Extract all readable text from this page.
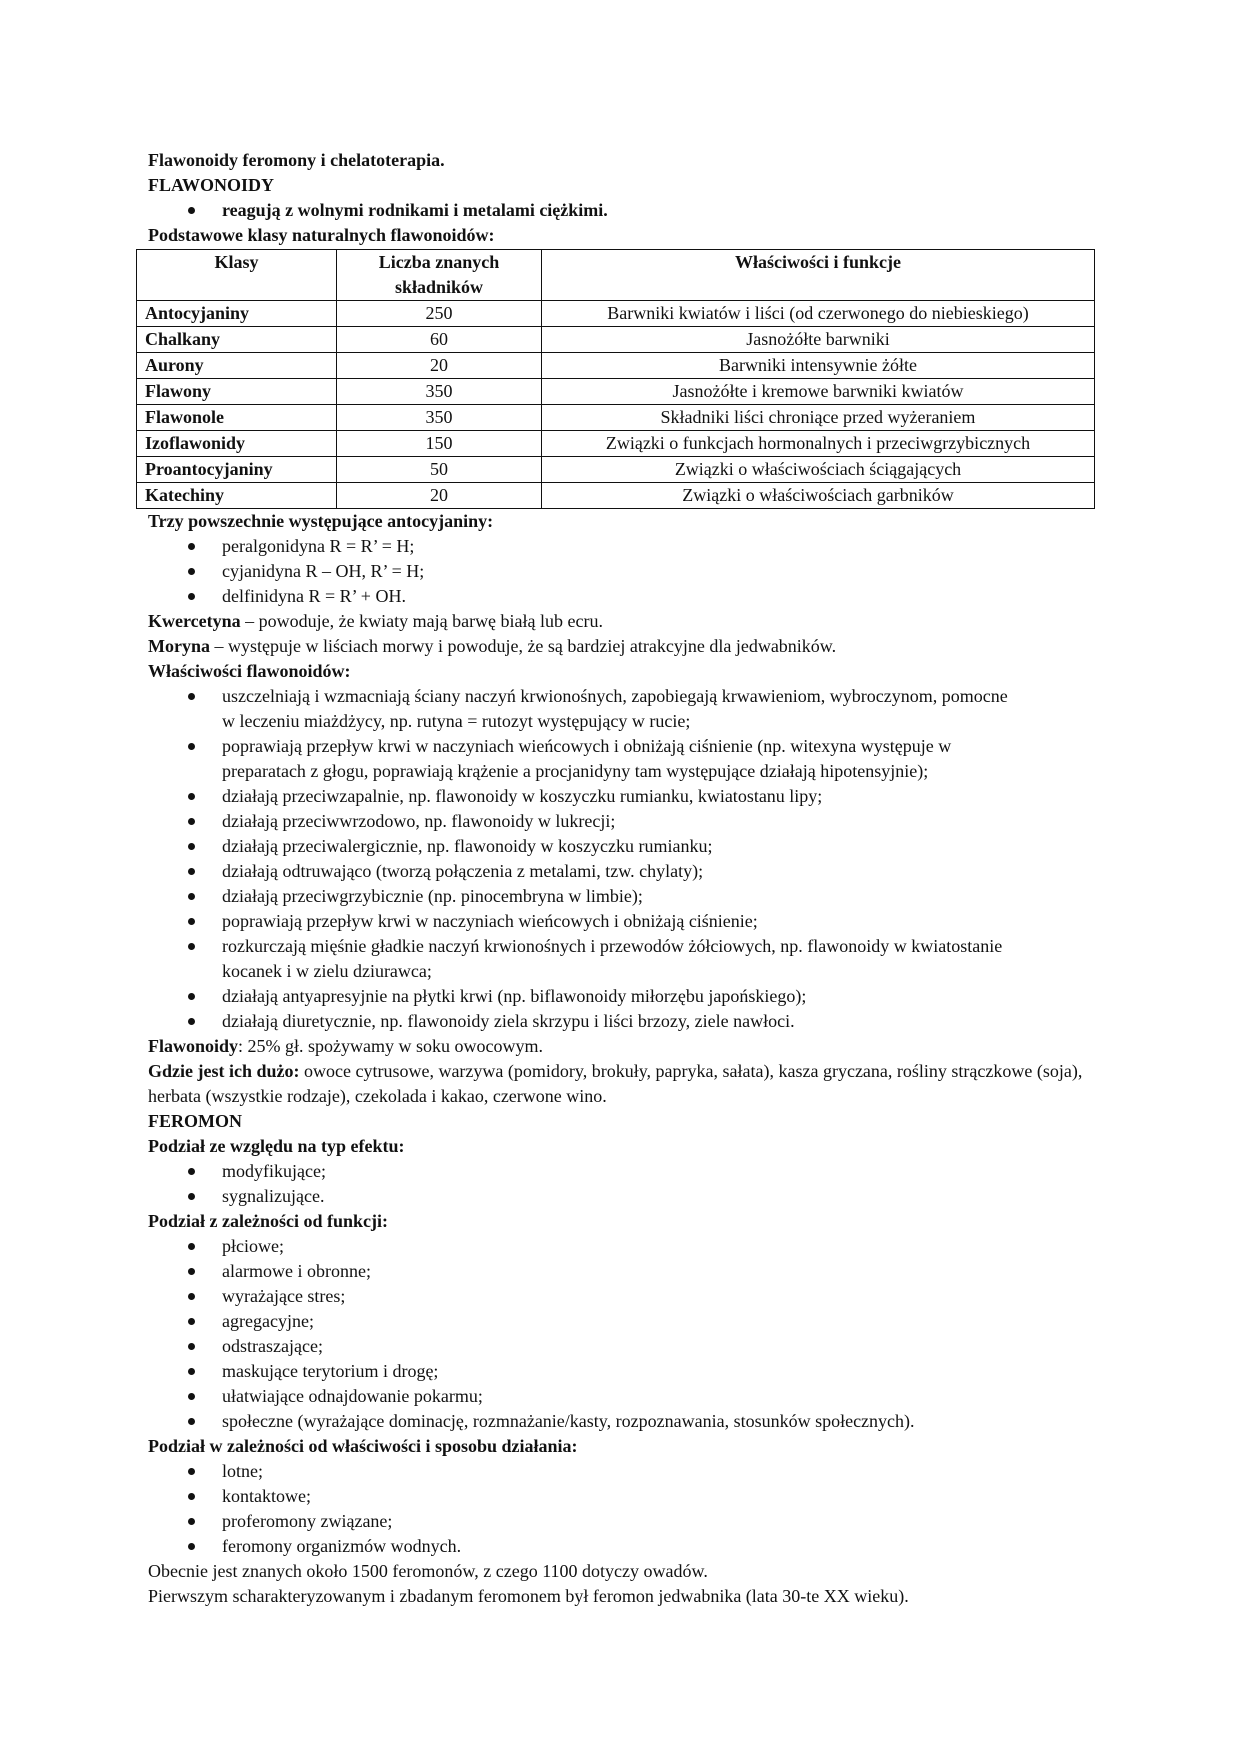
Flawonoidy feromony i chelatoterapia.
FLAWONOIDY
reagują z wolnymi rodnikami i metalami ciężkimi.
Podstawowe klasy naturalnych flawonoidów:
Klasy	Liczba znanych składników	Właściwości i funkcje
Antocyjaniny	250	Barwniki kwiatów i liści (od czerwonego do niebieskiego)
Chalkany	60	Jasnożółte barwniki
Aurony	20	Barwniki intensywnie żółte
Flawony	350	Jasnożółte i kremowe barwniki kwiatów
Flawonole	350	Składniki liści chroniące przed wyżeraniem
Izoflawonidy	150	Związki o funkcjach hormonalnych i przeciwgrzybicznych
Proantocyjaniny	50	Związki o właściwościach ściągających
Katechiny	20	Związki o właściwościach garbników
Trzy powszechnie występujące antocyjaniny:
peralgonidyna R = R’ = H;
cyjanidyna R – OH, R’ = H;
delfinidyna R = R’ + OH.
Kwercetyna – powoduje, że kwiaty mają barwę białą lub ecru.
Moryna – występuje w liściach morwy i powoduje, że są bardziej atrakcyjne dla jedwabników.
Właściwości flawonoidów:
uszczelniają i wzmacniają ściany naczyń krwionośnych, zapobiegają krwawieniom, wybroczynom, pomocne w leczeniu miażdżycy, np. rutyna = rutozyt występujący w rucie;
poprawiają przepływ krwi w naczyniach wieńcowych i obniżają ciśnienie (np. witexyna występuje w preparatach z głogu, poprawiają krążenie a procjanidyny tam występujące działają hipotensyjnie);
działają przeciwzapalnie, np. flawonoidy w koszyczku rumianku, kwiatostanu lipy;
działają przeciwwrzodowo, np. flawonoidy w lukrecji;
działają przeciwalergicznie, np. flawonoidy w koszyczku rumianku;
działają odtruwająco (tworzą połączenia z metalami, tzw. chylaty);
działają przeciwgrzybicznie (np. pinocembryna w limbie);
poprawiają przepływ krwi w naczyniach wieńcowych i obniżają ciśnienie;
rozkurczają mięśnie gładkie naczyń krwionośnych i przewodów żółciowych, np. flawonoidy w kwiatostanie kocanek i w zielu dziurawca;
działają antyapresyjnie na płytki krwi (np. biflawonoidy miłorzębu japońskiego);
działają diuretycznie, np. flawonoidy ziela skrzypu i liści brzozy, ziele nawłoci.
Flawonoidy: 25% gł. spożywamy w soku owocowym.
Gdzie jest ich dużo: owoce cytrusowe, warzywa (pomidory, brokuły, papryka, sałata), kasza gryczana, rośliny strączkowe (soja), herbata (wszystkie rodzaje), czekolada i kakao, czerwone wino.
FEROMON
Podział ze względu na typ efektu:
modyfikujące;
sygnalizujące.
Podział z zależności od funkcji:
płciowe;
alarmowe i obronne;
wyrażające stres;
agregacyjne;
odstraszające;
maskujące terytorium i drogę;
ułatwiające odnajdowanie pokarmu;
społeczne (wyrażające dominację, rozmnażanie/kasty, rozpoznawania, stosunków społecznych).
Podział w zależności od właściwości i sposobu działania:
lotne;
kontaktowe;
proferomony związane;
feromony organizmów wodnych.
Obecnie jest znanych około 1500 feromonów, z czego 1100 dotyczy owadów.
Pierwszym scharakteryzowanym i zbadanym feromonem był feromon jedwabnika (lata 30-te XX wieku).
